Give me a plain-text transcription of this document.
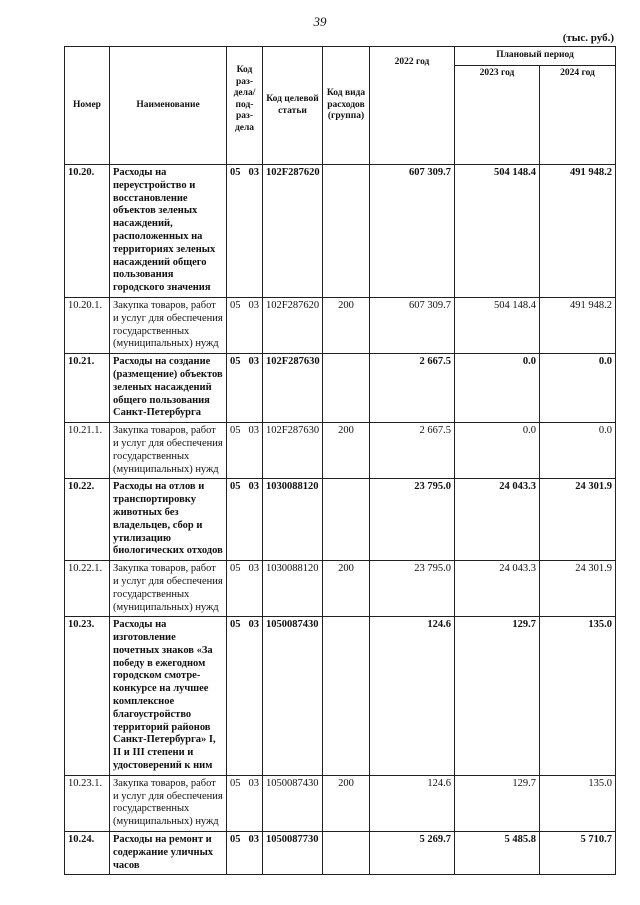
39
(тыс. руб.)
Номер	Наименование	Код раз-дела/ под-раз-дела	Код целевой статьи	Код вида расходов (группа)	2022 год	Плановый период	
						2023 год	2024 год
10.20.	Расходы на переустройство и восстановление объектов зеленых насаждений, расположенных на территориях зеленых насаждений общего пользования городского значения	05 03	102F287620		607 309.7	504 148.4	491 948.2
10.20.1.	Закупка товаров, работ и услуг для обеспечения государственных (муниципальных) нужд	05 03	102F287620	200	607 309.7	504 148.4	491 948.2
10.21.	Расходы на создание (размещение) объектов зеленых насаждений общего пользования Санкт-Петербурга	05 03	102F287630		2 667.5	0.0	0.0
10.21.1.	Закупка товаров, работ и услуг для обеспечения государственных (муниципальных) нужд	05 03	102F287630	200	2 667.5	0.0	0.0
10.22.	Расходы на отлов и транспортировку животных без владельцев, сбор и утилизацию биологических отходов	05 03	1030088120		23 795.0	24 043.3	24 301.9
10.22.1.	Закупка товаров, работ и услуг для обеспечения государственных (муниципальных) нужд	05 03	1030088120	200	23 795.0	24 043.3	24 301.9
10.23.	Расходы на изготовление почетных знаков «За победу в ежегодном городском смотре-конкурсе на лучшее комплексное благоустройство территорий районов Санкт-Петербурга» I, II и III степени и удостоверений к ним	05 03	1050087430		124.6	129.7	135.0
10.23.1.	Закупка товаров, работ и услуг для обеспечения государственных (муниципальных) нужд	05 03	1050087430	200	124.6	129.7	135.0
10.24.	Расходы на ремонт и содержание уличных часов	05 03	1050087730		5 269.7	5 485.8	5 710.7
